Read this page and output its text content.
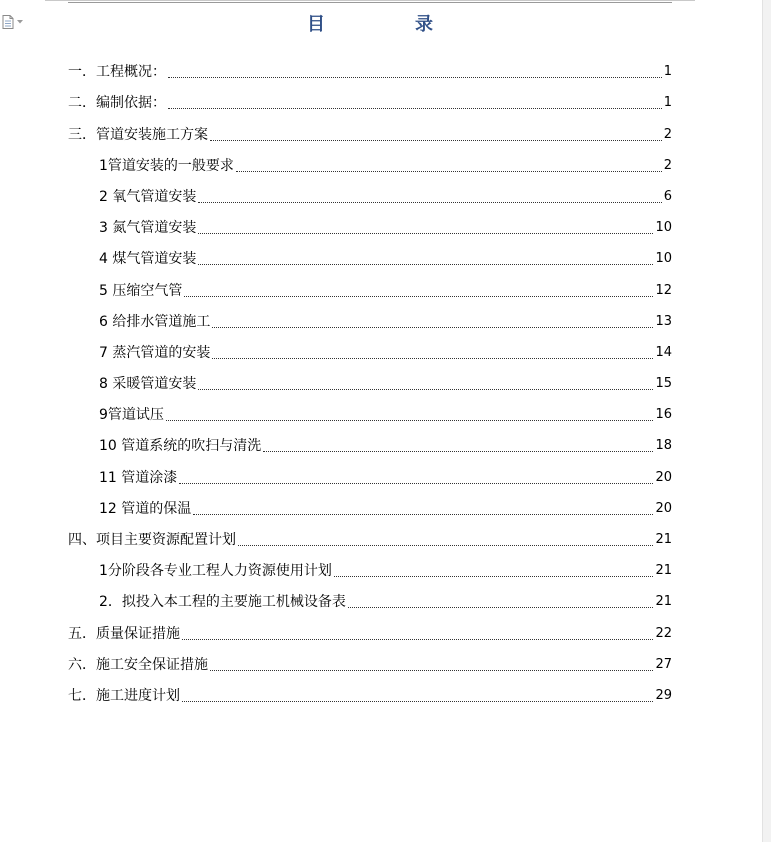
目	录
一． 工程概况：	1
二． 编制依据：	1
三． 管道安装施工方案	2
1 管道安装的一般要求	2
2 氧气管道安装	6
3 氮气管道安装	10
4 煤气管道安装	10
5 压缩空气管	12
6 给排水管道施工	13
7 蒸汽管道的安装	14
8 采暖管道安装	15
9 管道试压	16
10 管道系统的吹扫与清洗	18
11 管道涂漆	20
12 管道的保温	20
四、 项目主要资源配置计划	21
1 分阶段各专业工程人力资源使用计划	21
2． 拟投入本工程的主要施工机械设备表	21
五． 质量保证措施	22
六． 施工安全保证措施	27
七． 施工进度计划	29
